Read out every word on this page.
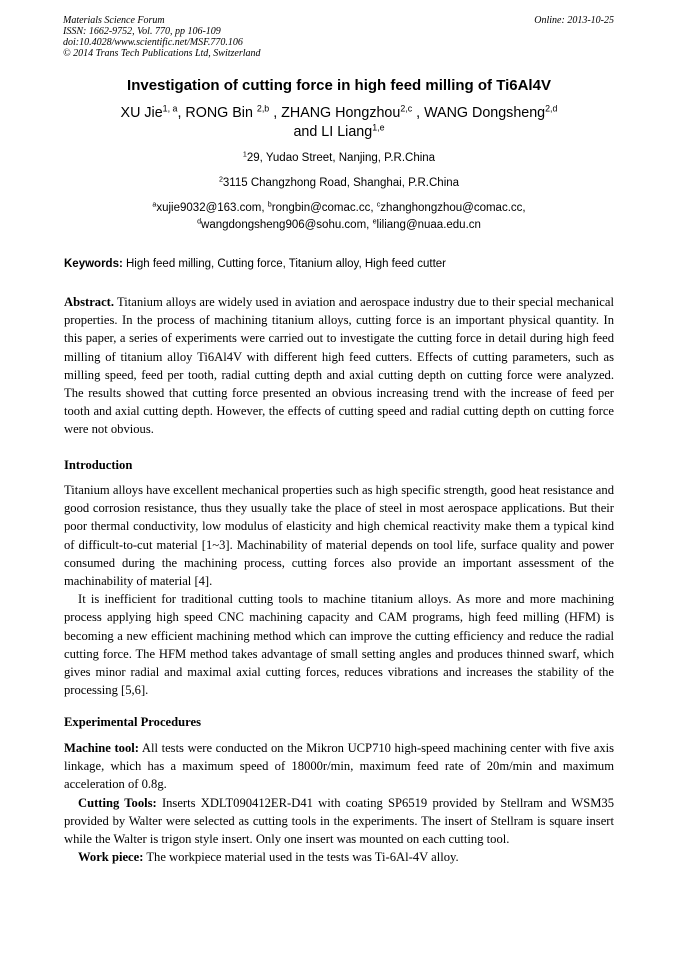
Materials Science Forum
ISSN: 1662-9752, Vol. 770, pp 106-109
doi:10.4028/www.scientific.net/MSF.770.106
© 2014 Trans Tech Publications Ltd, Switzerland
Online: 2013-10-25
Investigation of cutting force in high feed milling of Ti6Al4V
XU Jie$^{1, a}$, RONG Bin $^{2,b}$ , ZHANG Hongzhou$^{2,c}$ , WANG Dongsheng$^{2,d}$
and LI Liang$^{1,e}$
$^1$29, Yudao Street, Nanjing, P.R.China
$^2$3115 Changzhong Road, Shanghai, P.R.China
$^a$xujie9032@163.com, $^b$rongbin@comac.cc, $^c$zhanghongzhou@comac.cc,
$^d$wangdongsheng906@sohu.com, $^e$liliang@nuaa.edu.cn
Keywords: High feed milling, Cutting force, Titanium alloy, High feed cutter

Abstract. Titanium alloys are widely used in aviation and aerospace industry due to their special mechanical properties. In the process of machining titanium alloys, cutting force is an important physical quantity. In this paper, a series of experiments were carried out to investigate the cutting force in detail during high feed milling of titanium alloy Ti6Al4V with different high feed cutters. Effects of cutting parameters, such as milling speed, feed per tooth, radial cutting depth and axial cutting depth on cutting force were analyzed. The results showed that cutting force presented an obvious increasing trend with the increase of feed per tooth and axial cutting depth. However, the effects of cutting speed and radial cutting depth on cutting force were not obvious.

Introduction

Titanium alloys have excellent mechanical properties such as high specific strength, good heat resistance and good corrosion resistance, thus they usually take the place of steel in most aerospace applications. But their poor thermal conductivity, low modulus of elasticity and high chemical reactivity make them a typical kind of difficult-to-cut material [1~3]. Machinability of material depends on tool life, surface quality and power consumed during the machining process, cutting forces also provide an important assessment of the machinability of material [4].

It is inefficient for traditional cutting tools to machine titanium alloys. As more and more machining process applying high speed CNC machining capacity and CAM programs, high feed milling (HFM) is becoming a new efficient machining method which can improve the cutting efficiency and reduce the radial cutting force. The HFM method takes advantage of small setting angles and produces thinned swarf, which gives minor radial and maximal axial cutting forces, reduces vibrations and increases the stability of the processing [5,6].

Experimental Procedures

Machine tool: All tests were conducted on the Mikron UCP710 high-speed machining center with five axis linkage, which has a maximum speed of 18000r/min, maximum feed rate of 20m/min and maximum acceleration of 0.8g.

Cutting Tools: Inserts XDLT090412ER-D41 with coating SP6519 provided by Stellram and WSM35 provided by Walter were selected as cutting tools in the experiments. The insert of Stellram is square insert while the Walter is trigon style insert. Only one insert was mounted on each cutting tool.

Work piece: The workpiece material used in the tests was Ti-6Al-4V alloy.
